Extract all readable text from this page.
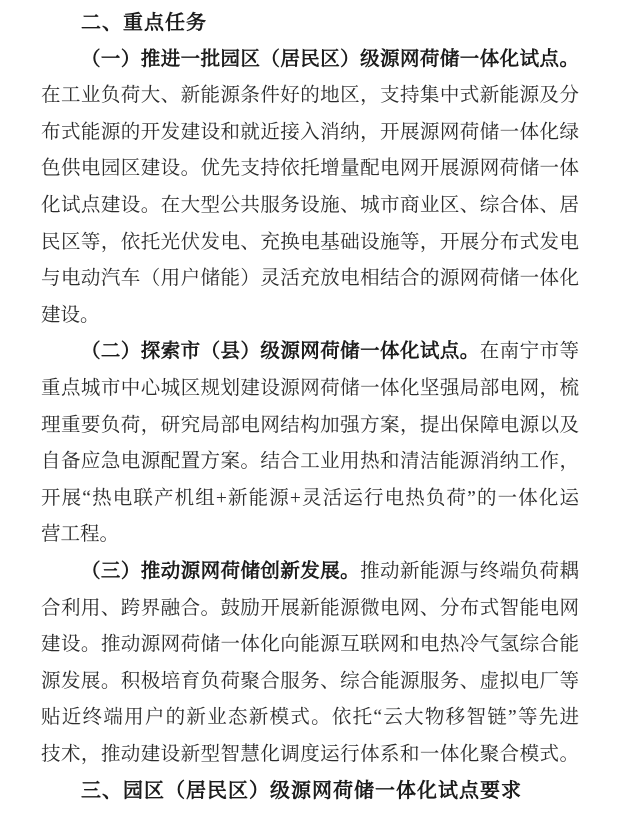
二、重点任务
（一）推进一批园区（居民区）级源网荷储一体化试点。
在工业负荷大、新能源条件好的地区，支持集中式新能源及分
布式能源的开发建设和就近接入消纳，开展源网荷储一体化绿
色供电园区建设。优先支持依托增量配电网开展源网荷储一体
化试点建设。在大型公共服务设施、城市商业区、综合体、居
民区等，依托光伏发电、充换电基础设施等，开展分布式发电
与电动汽车（用户储能）灵活充放电相结合的源网荷储一体化
建设。
（二）探索市（县）级源网荷储一体化试点。在南宁市等
重点城市中心城区规划建设源网荷储一体化坚强局部电网，梳
理重要负荷，研究局部电网结构加强方案，提出保障电源以及
自备应急电源配置方案。结合工业用热和清洁能源消纳工作，
开展“热电联产机组+新能源+灵活运行电热负荷”的一体化运
营工程。
（三）推动源网荷储创新发展。推动新能源与终端负荷耦
合利用、跨界融合。鼓励开展新能源微电网、分布式智能电网
建设。推动源网荷储一体化向能源互联网和电热冷气氢综合能
源发展。积极培育负荷聚合服务、综合能源服务、虚拟电厂等
贴近终端用户的新业态新模式。依托“云大物移智链”等先进
技术，推动建设新型智慧化调度运行体系和一体化聚合模式。
三、园区（居民区）级源网荷储一体化试点要求
